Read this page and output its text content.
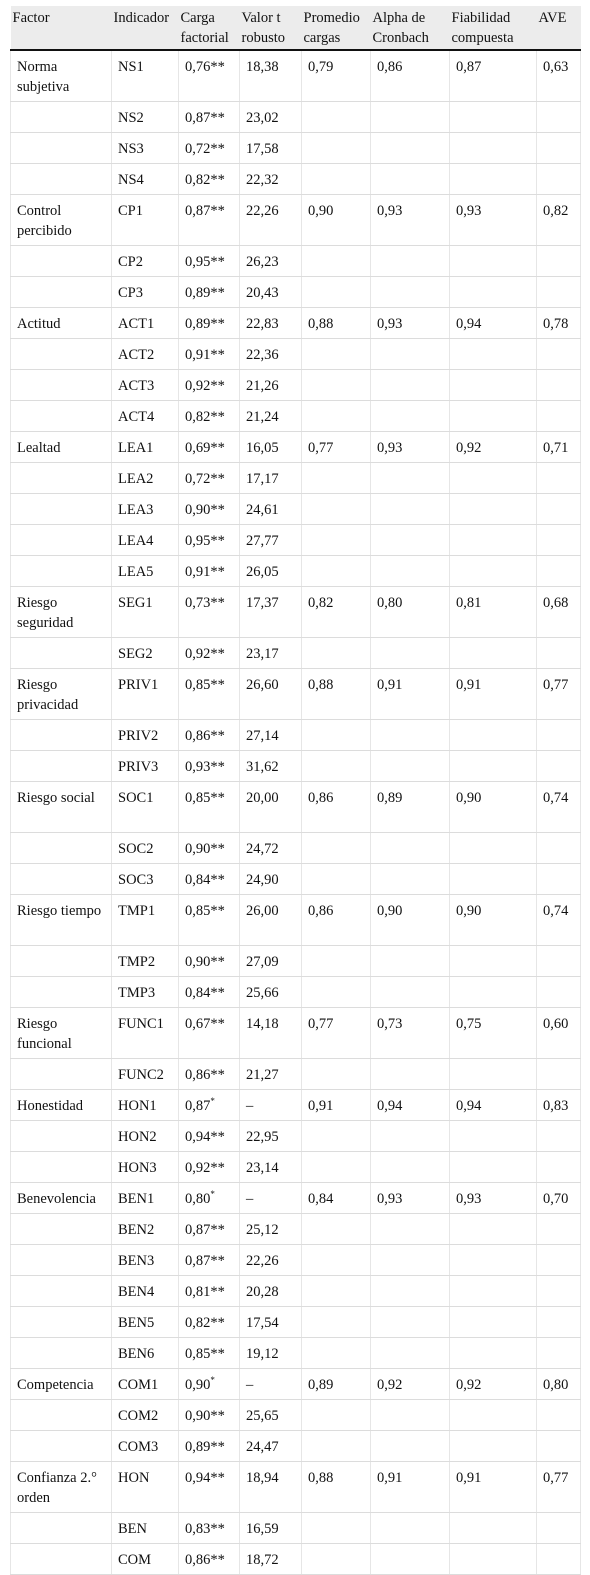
Factor	Indicador	Carga factorial	Valor t robusto	Promedio cargas	Alpha de Cronbach	Fiabilidad compuesta	AVE
Norma subjetiva	NS1	0,76**	18,38	0,79	0,86	0,87	0,63
	NS2	0,87**	23,02				
	NS3	0,72**	17,58				
	NS4	0,82**	22,32				
Control percibido	CP1	0,87**	22,26	0,90	0,93	0,93	0,82
	CP2	0,95**	26,23				
	CP3	0,89**	20,43				
Actitud	ACT1	0,89**	22,83	0,88	0,93	0,94	0,78
	ACT2	0,91**	22,36				
	ACT3	0,92**	21,26				
	ACT4	0,82**	21,24				
Lealtad	LEA1	0,69**	16,05	0,77	0,93	0,92	0,71
	LEA2	0,72**	17,17				
	LEA3	0,90**	24,61				
	LEA4	0,95**	27,77				
	LEA5	0,91**	26,05				
Riesgo seguridad	SEG1	0,73**	17,37	0,82	0,80	0,81	0,68
	SEG2	0,92**	23,17				
Riesgo privacidad	PRIV1	0,85**	26,60	0,88	0,91	0,91	0,77
	PRIV2	0,86**	27,14				
	PRIV3	0,93**	31,62				
Riesgo social	SOC1	0,85**	20,00	0,86	0,89	0,90	0,74
	SOC2	0,90**	24,72				
	SOC3	0,84**	24,90				
Riesgo tiempo	TMP1	0,85**	26,00	0,86	0,90	0,90	0,74
	TMP2	0,90**	27,09				
	TMP3	0,84**	25,66				
Riesgo funcional	FUNC1	0,67**	14,18	0,77	0,73	0,75	0,60
	FUNC2	0,86**	21,27				
Honestidad	HON1	0,87*	–	0,91	0,94	0,94	0,83
	HON2	0,94**	22,95				
	HON3	0,92**	23,14				
Benevolencia	BEN1	0,80*	–	0,84	0,93	0,93	0,70
	BEN2	0,87**	25,12				
	BEN3	0,87**	22,26				
	BEN4	0,81**	20,28				
	BEN5	0,82**	17,54				
	BEN6	0,85**	19,12				
Competencia	COM1	0,90*	–	0,89	0,92	0,92	0,80
	COM2	0,90**	25,65				
	COM3	0,89**	24,47				
Confianza 2.° orden	HON	0,94**	18,94	0,88	0,91	0,91	0,77
	BEN	0,83**	16,59				
	COM	0,86**	18,72				
